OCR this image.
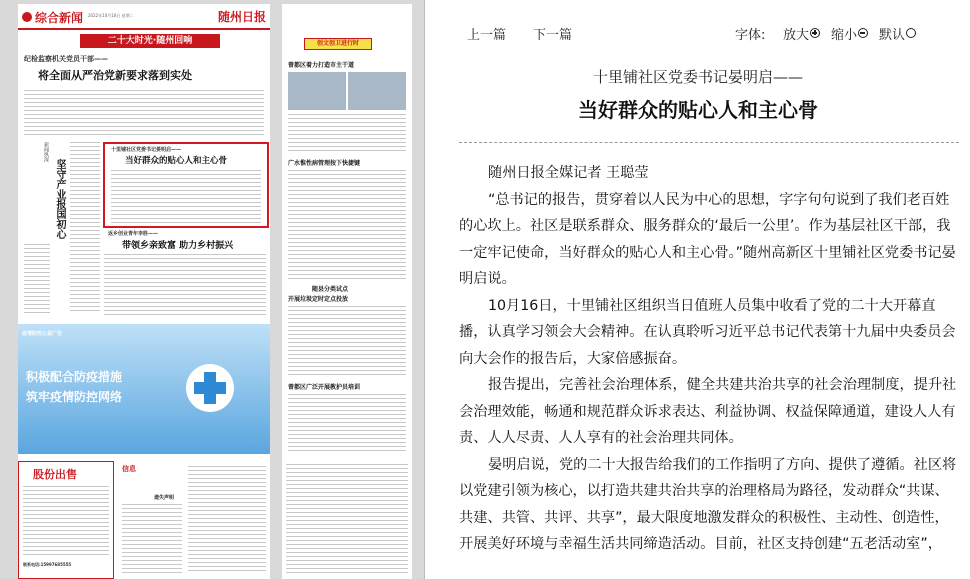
综合新闻 2022年10月18日 星期二	随州日报
二十大时光·随州回响
纪检监察机关党员干部——
将全面从严治党新要求落到实处
新闻纵深
坚守产业报国初心
十里铺社区党委书记晏明启——
当好群众的贴心人和主心骨
返乡创业青年李胜——
带领乡亲致富 助力乡村振兴
疫情防控公益广告
积极配合防疫措施
筑牢疫情防控网络
股份出售
联系电话:15997685555
信息
遗失声明
创文创卫进行时
曾都区着力打造市主干道
广水惟性病管理按下快捷键
随县分类试点
开展垃圾定时定点投放
曾都区广泛开展教护员培训
上一篇 下一篇	字体: 放大	缩小	默认
十里铺社区党委书记晏明启——
当好群众的贴心人和主心骨

随州日报全媒记者 王聪莹

“总书记的报告，贯穿着以人民为中心的思想，字字句句说到了我们老百姓的心坎上。社区是联系群众、服务群众的‘最后一公里’。作为基层社区干部，我一定牢记使命，当好群众的贴心人和主心骨。”随州高新区十里铺社区党委书记晏明启说。

10月16日，十里铺社区组织当日值班人员集中收看了党的二十大开幕直播，认真学习领会大会精神。在认真聆听习近平总书记代表第十九届中央委员会向大会作的报告后，大家倍感振奋。

报告提出，完善社会治理体系，健全共建共治共享的社会治理制度，提升社会治理效能，畅通和规范群众诉求表达、利益协调、权益保障通道，建设人人有责、人人尽责、人人享有的社会治理共同体。

晏明启说，党的二十大报告给我们的工作指明了方向、提供了遵循。社区将以党建引领为核心，以打造共建共治共享的治理格局为路径，发动群众“共谋、共建、共管、共评、共享”，最大限度地激发群众的积极性、主动性、创造性，开展美好环境与幸福生活共同缔造活动。目前，社区支持创建“五老活动室”，
